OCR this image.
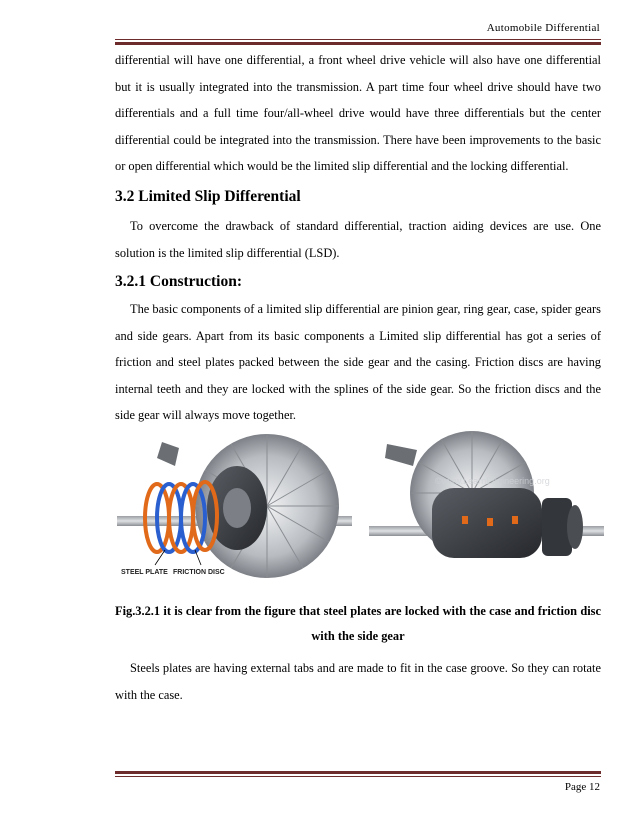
Automobile Differential
differential will have one differential, a front wheel drive vehicle will also have one differential but it is usually integrated into the transmission. A part time four wheel drive should have two differentials and a full time four/all-wheel drive would have three differentials but the center differential could be integrated into the transmission. There have been improvements to the basic or open differential which would be the limited slip differential and the locking differential.
3.2 Limited Slip Differential
To overcome the drawback of standard differential, traction aiding devices are use. One solution is the limited slip differential (LSD).
3.2.1 Construction:
The basic components of a limited slip differential are pinion gear, ring gear, case, spider gears and side gears. Apart from its basic components a Limited slip differential has got a series of friction and steel plates packed between the side gear and the casing. Friction discs are having internal teeth and they are locked with the splines of the side gear. So the friction discs and the side gear will always move together.
STEEL PLATE FRICTION DISC
©www.LearnEngineering.org
Fig.3.2.1 it is clear from the figure that steel plates are locked with the case and friction disc
with the side gear
Steels plates are having external tabs and are made to fit in the case groove. So they can rotate with the case.
Page 12
